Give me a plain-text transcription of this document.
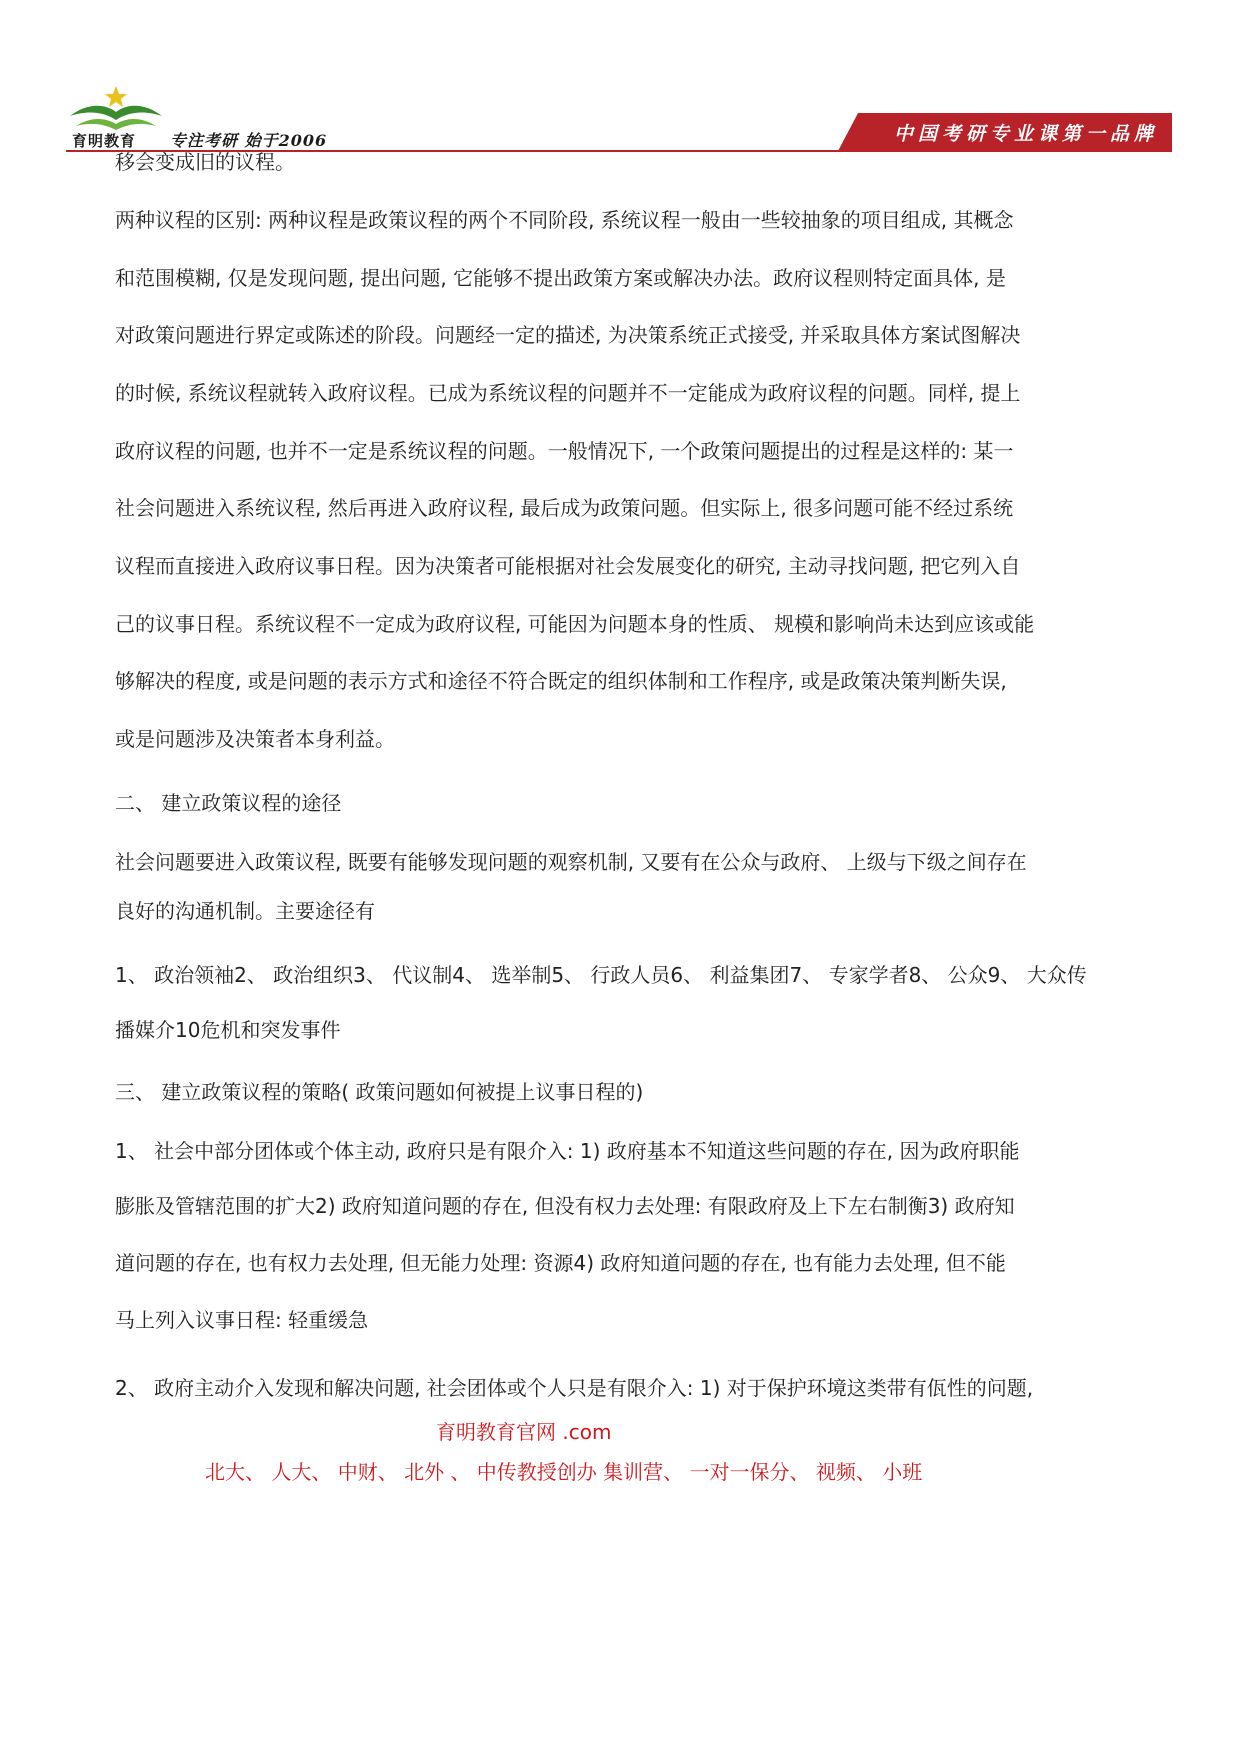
育明教育 专注考研 始于2006	中国考研专业课第一品牌
移会变成旧的议程。
两种议程的区别: 两种议程是政策议程的两个不同阶段, 系统议程一般由一些较抽象的项目组成, 其概念
和范围模糊, 仅是发现问题, 提出问题, 它能够不提出政策方案或解决办法。政府议程则特定面具体, 是
对政策问题进行界定或陈述的阶段。问题经一定的描述, 为决策系统正式接受, 并采取具体方案试图解决
的时候, 系统议程就转入政府议程。已成为系统议程的问题并不一定能成为政府议程的问题。同样, 提上
政府议程的问题, 也并不一定是系统议程的问题。一般情况下, 一个政策问题提出的过程是这样的: 某一
社会问题进入系统议程, 然后再进入政府议程, 最后成为政策问题。但实际上, 很多问题可能不经过系统
议程而直接进入政府议事日程。因为决策者可能根据对社会发展变化的研究, 主动寻找问题, 把它列入自
己的议事日程。系统议程不一定成为政府议程, 可能因为问题本身的性质、 规模和影响尚未达到应该或能
够解决的程度, 或是问题的表示方式和途径不符合既定的组织体制和工作程序, 或是政策决策判断失误,
或是问题涉及决策者本身利益。
二、 建立政策议程的途径
社会问题要进入政策议程, 既要有能够发现问题的观察机制, 又要有在公众与政府、 上级与下级之间存在
良好的沟通机制。主要途径有
1、 政治领袖2、 政治组织3、 代议制4、 选举制5、 行政人员6、 利益集团7、 专家学者8、 公众9、 大众传
播媒介10危机和突发事件
三、 建立政策议程的策略( 政策问题如何被提上议事日程的)
1、 社会中部分团体或个体主动, 政府只是有限介入: 1) 政府基本不知道这些问题的存在, 因为政府职能
膨胀及管辖范围的扩大2) 政府知道问题的存在, 但没有权力去处理: 有限政府及上下左右制衡3) 政府知
道问题的存在, 也有权力去处理, 但无能力处理: 资源4) 政府知道问题的存在, 也有能力去处理, 但不能
马上列入议事日程: 轻重缓急
2、 政府主动介入发现和解决问题, 社会团体或个人只是有限介入: 1) 对于保护环境这类带有佤性的问题,
育明教育官网 .com
北大、 人大、 中财、 北外 、 中传教授创办 集训营、 一对一保分、 视频、 小班
